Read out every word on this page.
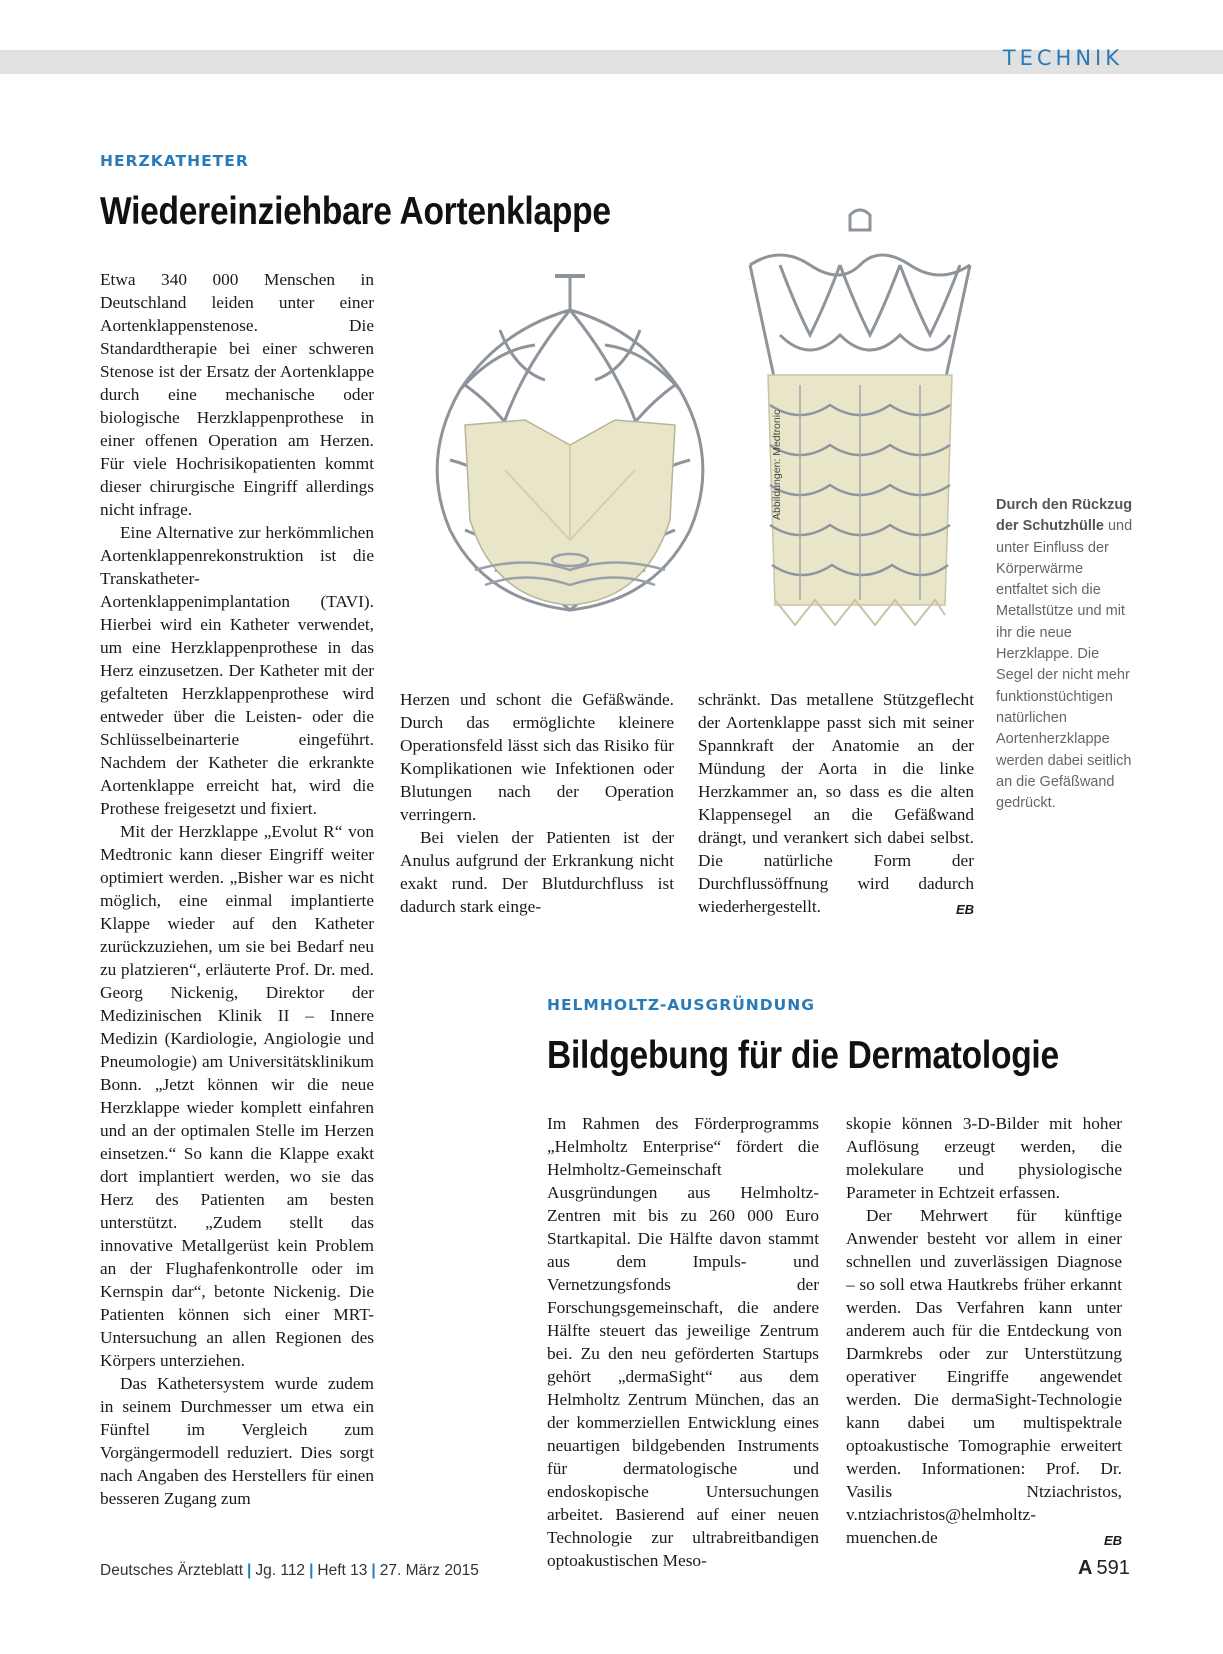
TECHNIK
HERZKATHETER
Wiedereinziehbare Aortenklappe

Etwa 340 000 Menschen in Deutschland leiden unter einer Aortenklappenstenose. Die Standardtherapie bei einer schweren Stenose ist der Ersatz der Aortenklappe durch eine mechanische oder biologische Herzklappenprothese in einer offenen Operation am Herzen. Für viele Hochrisikopatienten kommt dieser chirurgische Eingriff allerdings nicht infrage.

Eine Alternative zur herkömmlichen Aortenklappenrekonstruktion ist die Transkatheter-Aortenklappenimplantation (TAVI). Hierbei wird ein Katheter verwendet, um eine Herzklappenprothese in das Herz einzusetzen. Der Katheter mit der gefalteten Herzklappenprothese wird entweder über die Leisten- oder die Schlüsselbeinarterie eingeführt. Nachdem der Katheter die erkrankte Aortenklappe erreicht hat, wird die Prothese freigesetzt und fixiert.

Mit der Herzklappe „Evolut R“ von Medtronic kann dieser Eingriff weiter optimiert werden. „Bisher war es nicht möglich, eine einmal implantierte Klappe wieder auf den Katheter zurückzuziehen, um sie bei Bedarf neu zu platzieren“, erläuterte Prof. Dr. med. Georg Nickenig, Direktor der Medizinischen Klinik II – Innere Medizin (Kardiologie, Angiologie und Pneumologie) am Universitätsklinikum Bonn. „Jetzt können wir die neue Herzklappe wieder komplett einfahren und an der optimalen Stelle im Herzen einsetzen.“ So kann die Klappe exakt dort implantiert werden, wo sie das Herz des Patienten am besten unterstützt. „Zudem stellt das innovative Metallgerüst kein Problem an der Flughafenkontrolle oder im Kernspin dar“, betonte Nickenig. Die Patienten können sich einer MRT-Untersuchung an allen Regionen des Körpers unterziehen.

Das Kathetersystem wurde zudem in seinem Durchmesser um etwa ein Fünftel im Vergleich zum Vorgängermodell reduziert. Dies sorgt nach Angaben des Herstellers für einen besseren Zugang zum

Herzen und schont die Gefäßwände. Durch das ermöglichte kleinere Operationsfeld lässt sich das Risiko für Komplikationen wie Infektionen oder Blutungen nach der Operation verringern.

Bei vielen der Patienten ist der Anulus aufgrund der Erkrankung nicht exakt rund. Der Blutdurchfluss ist dadurch stark einge-

schränkt. Das metallene Stützgeflecht der Aortenklappe passt sich mit seiner Spannkraft der Anatomie an der Mündung der Aorta in die linke Herzkammer an, so dass es die alten Klappensegel an die Gefäßwand drängt, und verankert sich dabei selbst. Die natürliche Form der Durchflussöffnung wird dadurch wiederhergestellt.	EB

Abbildungen: Medtronic	Durch den Rückzug der Schutzhülle und unter Einfluss der Körperwärme entfaltet sich die Metallstütze und mit ihr die neue Herzklappe. Die Segel der nicht mehr funktionstüchtigen natürlichen Aortenherzklappe werden dabei seitlich an die Gefäßwand gedrückt.
HELMHOLTZ-AUSGRÜNDUNG
Bildgebung für die Dermatologie

Im Rahmen des Förderprogramms „Helmholtz Enterprise“ fördert die Helmholtz-Gemeinschaft Ausgründungen aus Helmholtz-Zentren mit bis zu 260 000 Euro Startkapital. Die Hälfte davon stammt aus dem Impuls- und Vernetzungsfonds der Forschungsgemeinschaft, die andere Hälfte steuert das jeweilige Zentrum bei. Zu den neu geförderten Startups gehört „dermaSight“ aus dem Helmholtz Zentrum München, das an der kommerziellen Entwicklung eines neuartigen bildgebenden Instruments für dermatologische und endoskopische Untersuchungen arbeitet. Basierend auf einer neuen Technologie zur ultrabreitbandigen optoakustischen Meso-

skopie können 3-D-Bilder mit hoher Auflösung erzeugt werden, die molekulare und physiologische Parameter in Echtzeit erfassen.

Der Mehrwert für künftige Anwender besteht vor allem in einer schnellen und zuverlässigen Diagnose – so soll etwa Hautkrebs früher erkannt werden. Das Verfahren kann unter anderem auch für die Entdeckung von Darmkrebs oder zur Unterstützung operativer Eingriffe angewendet werden. Die dermaSight-Technologie kann dabei um multispektrale optoakustische Tomographie erweitert werden. Informationen: Prof. Dr. Vasilis Ntziachristos, v.ntziachristos@helmholtz-muenchen.de	EB

Deutsches Ärzteblatt | Jg. 112 | Heft 13 | 27. März 2015	A 591
